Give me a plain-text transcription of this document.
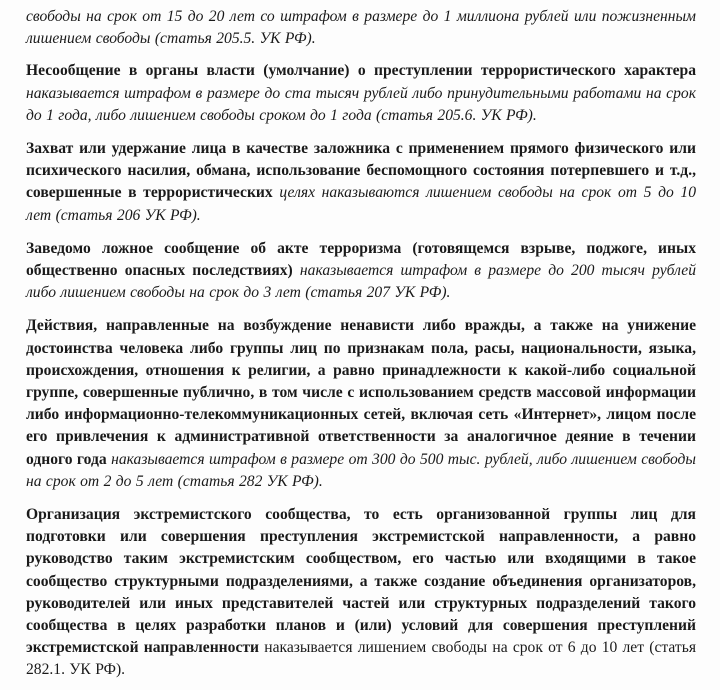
свободы на срок от 15 до 20 лет со штрафом в размере до 1 миллиона рублей или пожизненным лишением свободы (статья 205.5. УК РФ).

Несообщение в органы власти (умолчание) о преступлении террористического характера наказывается штрафом в размере до ста тысяч рублей либо принудительными работами на срок до 1 года, либо лишением свободы сроком до 1 года (статья 205.6. УК РФ).

Захват или удержание лица в качестве заложника с применением прямого физического или психического насилия, обмана, использование беспомощного состояния потерпевшего и т.д., совершенные в террористических целях наказываются лишением свободы на срок от 5 до 10 лет (статья 206 УК РФ).

Заведомо ложное сообщение об акте терроризма (готовящемся взрыве, поджоге, иных общественно опасных последствиях) наказывается штрафом в размере до 200 тысяч рублей либо лишением свободы на срок до 3 лет (статья 207 УК РФ).

Действия, направленные на возбуждение ненависти либо вражды, а также на унижение достоинства человека либо группы лиц по признакам пола, расы, национальности, языка, происхождения, отношения к религии, а равно принадлежности к какой-либо социальной группе, совершенные публично, в том числе с использованием средств массовой информации либо информационно-телекоммуникационных сетей, включая сеть «Интернет», лицом после его привлечения к административной ответственности за аналогичное деяние в течении одного года наказывается штрафом в размере от 300 до 500 тыс. рублей, либо лишением свободы на срок от 2 до 5 лет (статья 282 УК РФ).

Организация экстремистского сообщества, то есть организованной группы лиц для подготовки или совершения преступления экстремистской направленности, а равно руководство таким экстремистским сообществом, его частью или входящими в такое сообщество структурными подразделениями, а также создание объединения организаторов, руководителей или иных представителей частей или структурных подразделений такого сообщества в целях разработки планов и (или) условий для совершения преступлений экстремистской направленности наказывается лишением свободы на срок от 6 до 10 лет (статья 282.1. УК РФ).
